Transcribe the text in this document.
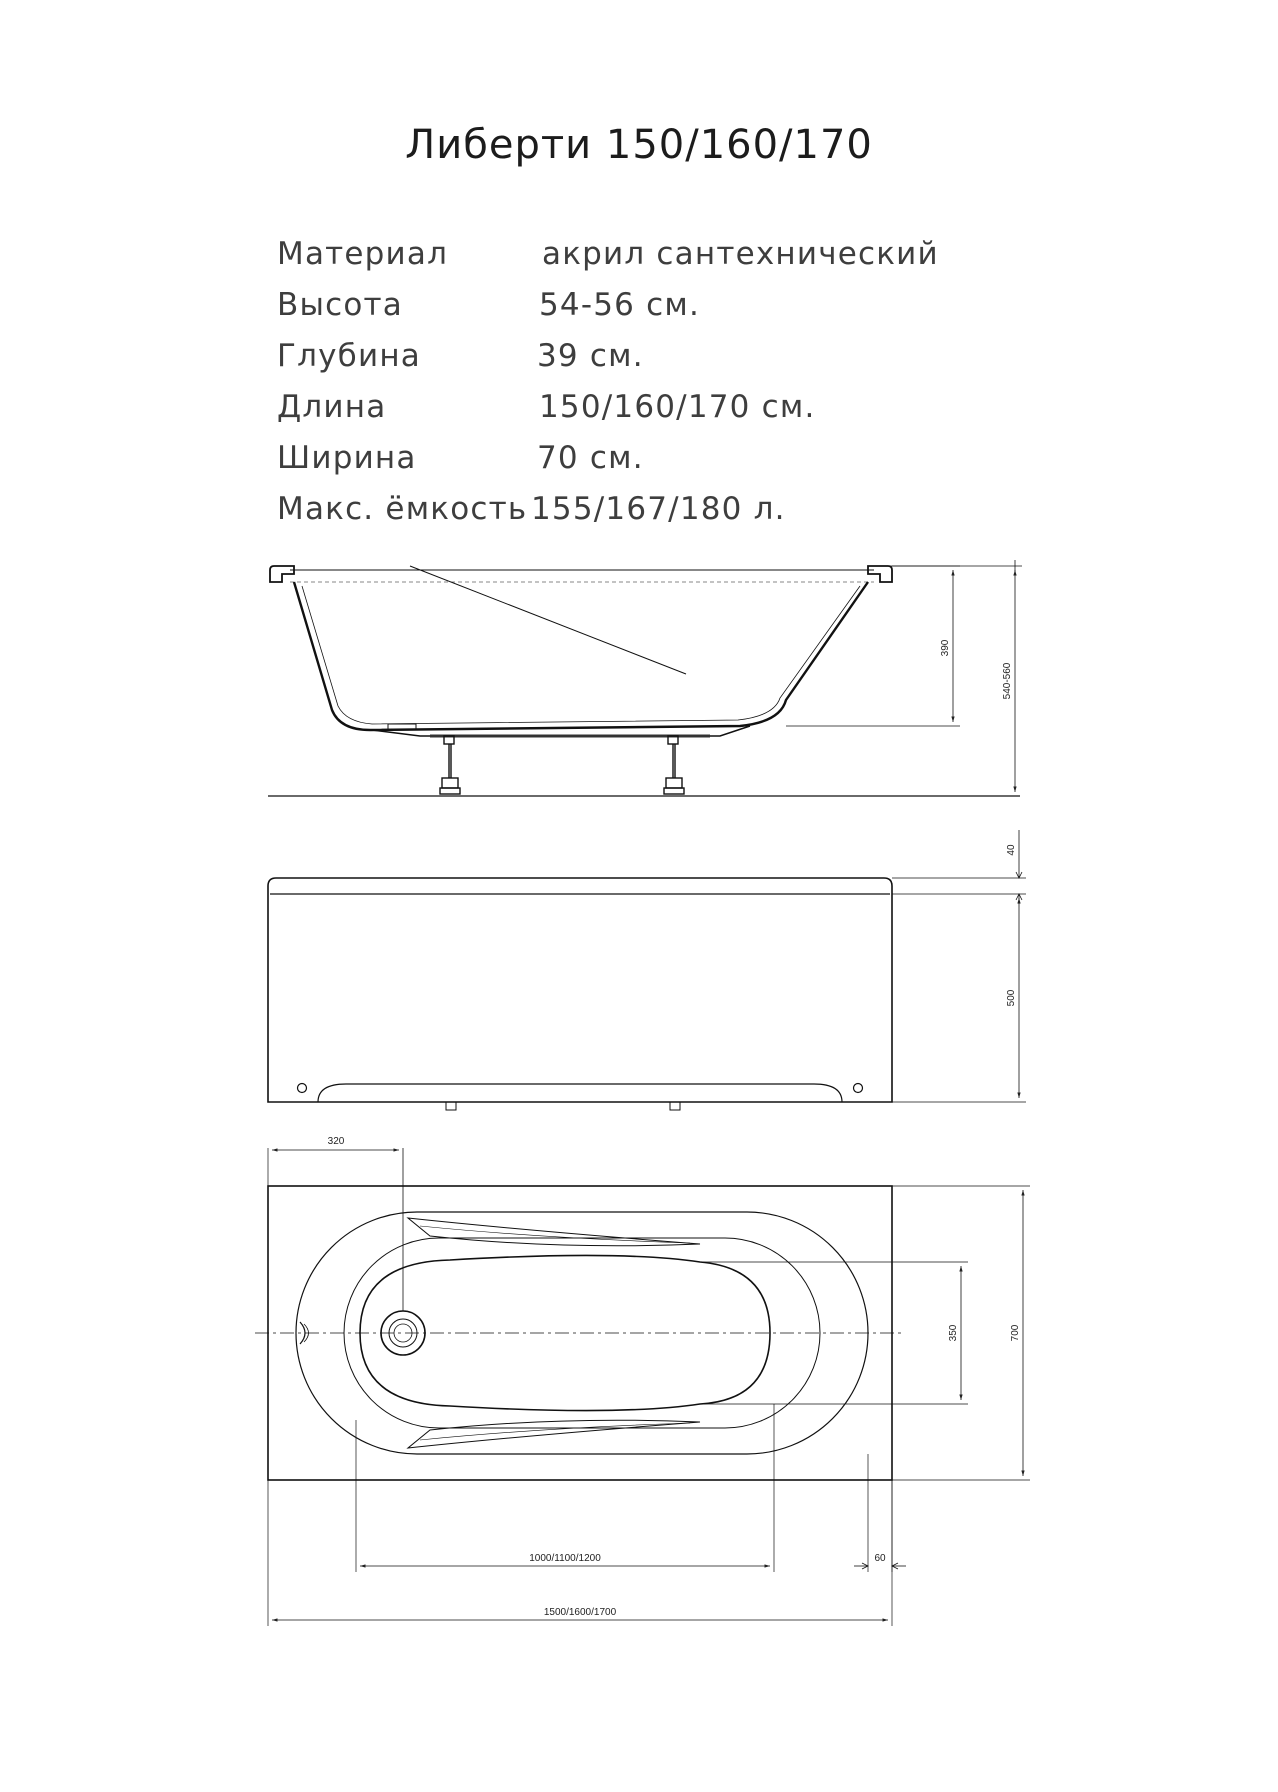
Либерти 150/160/170
Материал	акрил сантехнический
Высота	54-56 см.
Глубина	39 см.
Длина	150/160/170 см.
Ширина	70 см.
Макс. ёмкость 155/167/180 л.
390
540-560
40
500
320
350	700
1000/1100/1200	60
1500/1600/1700
